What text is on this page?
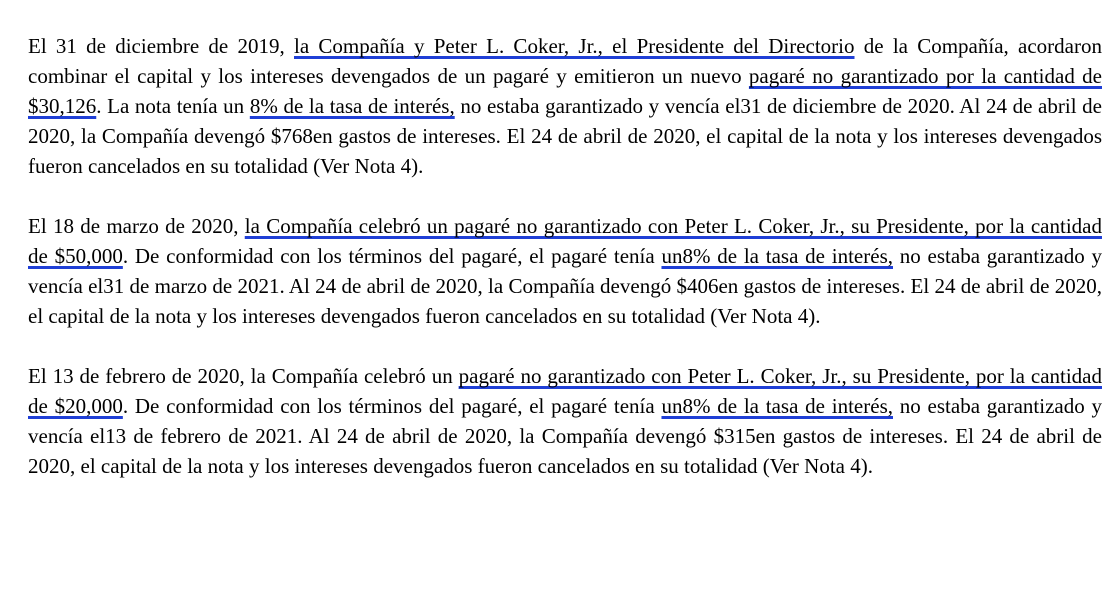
El 31 de diciembre de 2019, la Compañía y Peter L. Coker, Jr., el Presidente del Directorio de la Compañía, acordaron combinar el capital y los intereses devengados de un pagaré y emitieron un nuevo pagaré no garantizado por la cantidad de $30,126. La nota tenía un 8% de la tasa de interés, no estaba garantizado y vencía el31 de diciembre de 2020. Al 24 de abril de 2020, la Compañía devengó $768en gastos de intereses. El 24 de abril de 2020, el capital de la nota y los intereses devengados fueron cancelados en su totalidad (Ver Nota 4).

El 18 de marzo de 2020, la Compañía celebró un pagaré no garantizado con Peter L. Coker, Jr., su Presidente, por la cantidad de $50,000. De conformidad con los términos del pagaré, el pagaré tenía un8% de la tasa de interés, no estaba garantizado y vencía el31 de marzo de 2021. Al 24 de abril de 2020, la Compañía devengó $406en gastos de intereses. El 24 de abril de 2020, el capital de la nota y los intereses devengados fueron cancelados en su totalidad (Ver Nota 4).

El 13 de febrero de 2020, la Compañía celebró un pagaré no garantizado con Peter L. Coker, Jr., su Presidente, por la cantidad de $20,000. De conformidad con los términos del pagaré, el pagaré tenía un8% de la tasa de interés, no estaba garantizado y vencía el13 de febrero de 2021. Al 24 de abril de 2020, la Compañía devengó $315en gastos de intereses. El 24 de abril de 2020, el capital de la nota y los intereses devengados fueron cancelados en su totalidad (Ver Nota 4).
